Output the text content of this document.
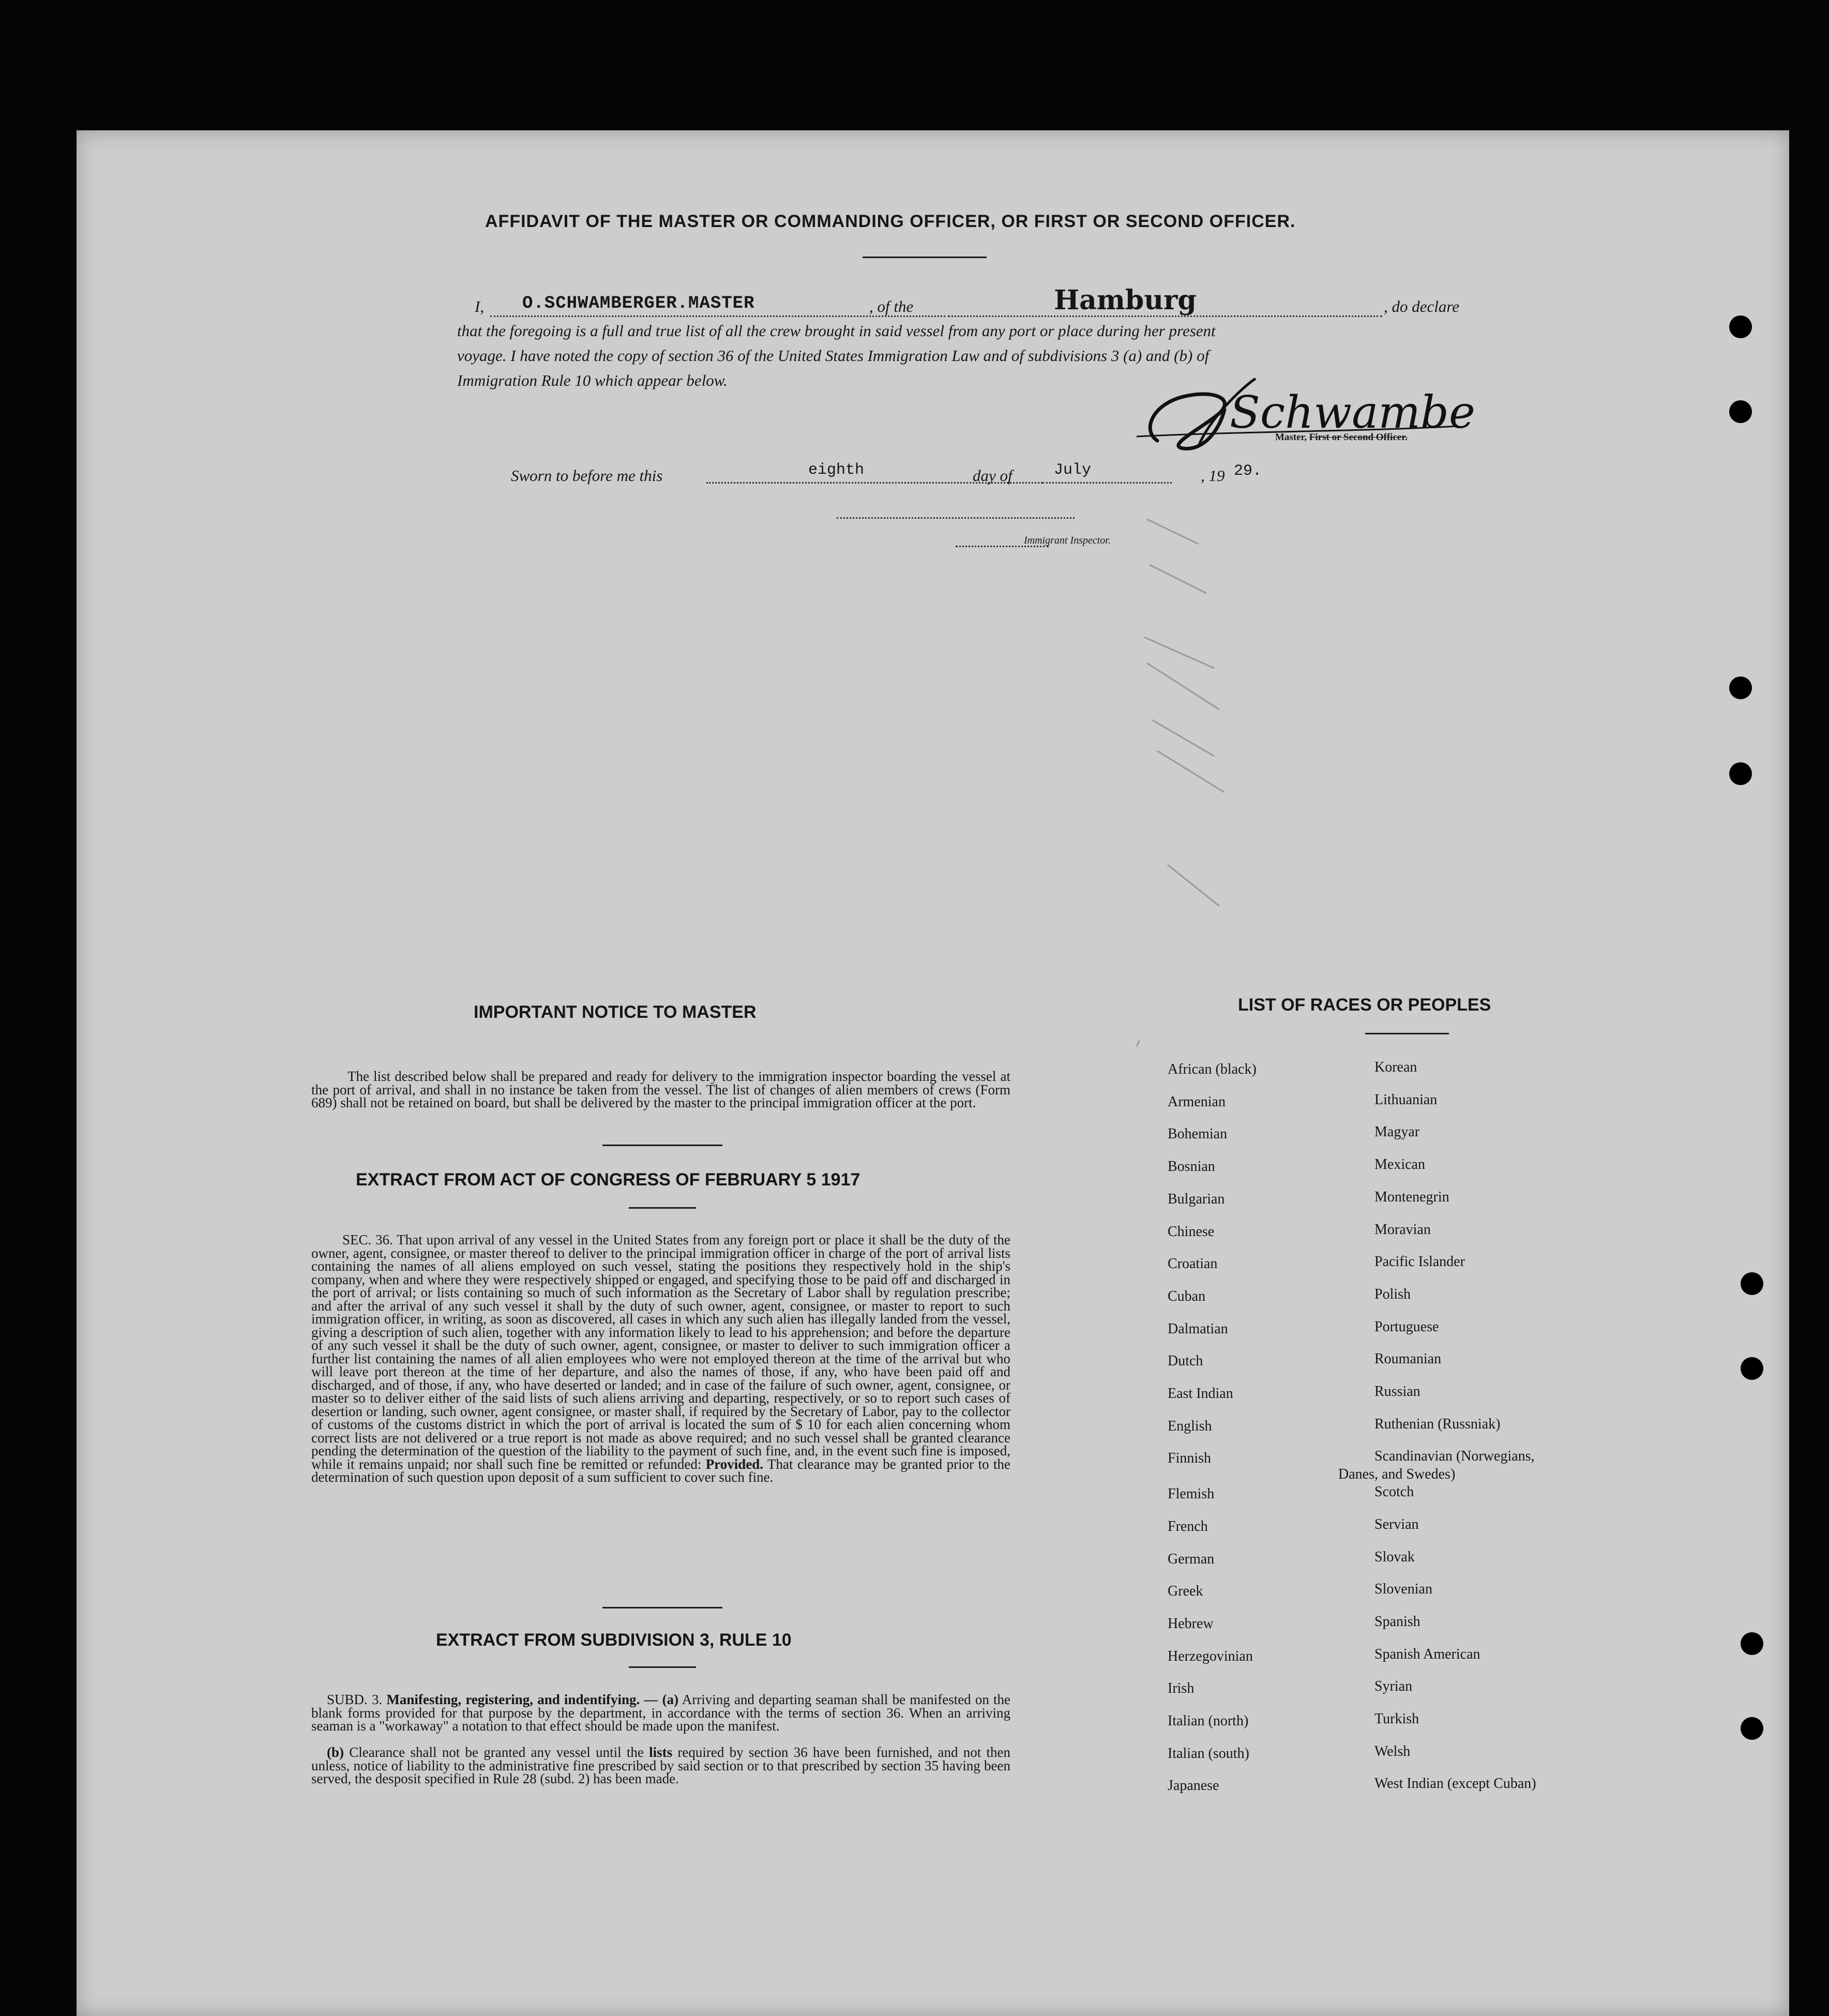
AFFIDAVIT OF THE MASTER OR COMMANDING OFFICER, OR FIRST OR SECOND OFFICER.
I, O.SCHWAMBERGER.MASTER	, of the	Hamburg	, do declare
that the foregoing is a full and true list of all the crew brought in said vessel from any port or place during her present
voyage. I have noted the copy of section 36 of the United States Immigration Law and of subdivisions 3 (a) and (b) of
Immigration Rule 10 which appear below.
Schwambe
Master, First or Second Officer.
Sworn to before me this	eighth	day of	July	, 19 29.
Immigrant Inspector.
IMPORTANT NOTICE TO MASTER
The list described below shall be prepared and ready for delivery to the immigration inspector boarding the vessel at the port of arrival, and shall in no instance be taken from the vessel. The list of changes of alien members of crews (Form 689) shall not be retained on board, but shall be delivered by the master to the principal immigration officer at the port.
EXTRACT FROM ACT OF CONGRESS OF FEBRUARY 5 1917
SEC. 36. That upon arrival of any vessel in the United States from any foreign port or place it shall be the duty of the owner, agent, consignee, or master thereof to deliver to the principal immigration officer in charge of the port of arrival lists containing the names of all aliens employed on such vessel, stating the positions they respectively hold in the ship's company, when and where they were respectively shipped or engaged, and specifying those to be paid off and discharged in the port of arrival; or lists containing so much of such information as the Secretary of Labor shall by regulation prescribe; and after the arrival of any such vessel it shall by the duty of such owner, agent, consignee, or master to report to such immigration officer, in writing, as soon as discovered, all cases in which any such alien has illegally landed from the vessel, giving a description of such alien, together with any information likely to lead to his apprehension; and before the departure of any such vessel it shall be the duty of such owner, agent, consignee, or master to deliver to such immigration officer a further list containing the names of all alien employees who were not employed thereon at the time of the arrival but who will leave port thereon at the time of her departure, and also the names of those, if any, who have been paid off and discharged, and of those, if any, who have deserted or landed; and in case of the failure of such owner, agent, consignee, or master so to deliver either of the said lists of such aliens arriving and departing, respectively, or so to report such cases of desertion or landing, such owner, agent consignee, or master shall, if required by the Secretary of Labor, pay to the collector of customs of the customs district in which the port of arrival is located the sum of $ 10 for each alien concerning whom correct lists are not delivered or a true report is not made as above required; and no such vessel shall be granted clearance pending the determination of the question of the liability to the payment of such fine, and, in the event such fine is imposed, while it remains unpaid; nor shall such fine be remitted or refunded: Provided. That clearance may be granted prior to the determination of such question upon deposit of a sum sufficient to cover such fine.
EXTRACT FROM SUBDIVISION 3, RULE 10
SUBD. 3. Manifesting, registering, and indentifying. — (a) Arriving and departing seaman shall be manifested on the blank forms provided for that purpose by the department, in accordance with the terms of section 36. When an arriving seaman is a "workaway" a notation to that effect should be made upon the manifest.
(b) Clearance shall not be granted any vessel until the lists required by section 36 have been furnished, and not then unless, notice of liability to the administrative fine prescribed by said section or to that prescribed by section 35 having been served, the desposit specified in Rule 28 (subd. 2) has been made.
LIST OF RACES OR PEOPLES
African (black)
Armenian
Bohemian
Bosnian
Bulgarian
Chinese
Croatian
Cuban
Dalmatian
Dutch
East Indian
English
Finnish
Flemish
French
German
Greek
Hebrew
Herzegovinian
Irish
Italian (north)
Italian (south)
Japanese
Korean
Lithuanian
Magyar
Mexican
Montenegrin
Moravian
Pacific Islander
Polish
Portuguese
Roumanian
Russian
Ruthenian (Russniak)
Scandinavian (Norwegians,
Scotch
Servian
Slovak
Slovenian
Spanish
Spanish American
Syrian
Turkish
Welsh
West Indian (except Cuban)
Danes, and Swedes)
